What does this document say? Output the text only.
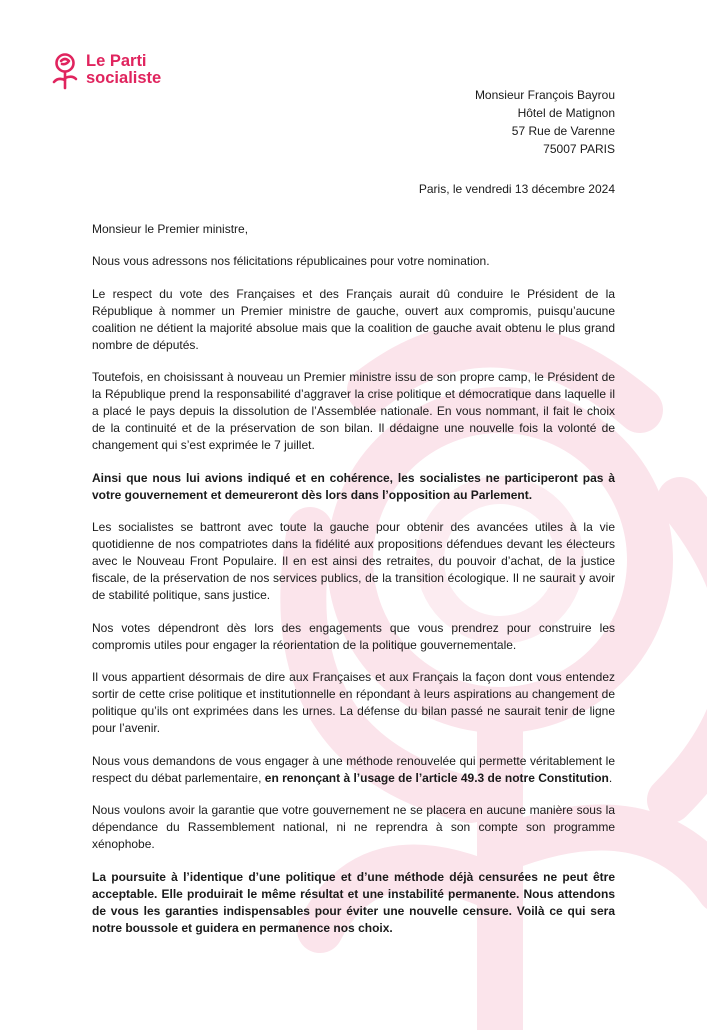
Le Parti
socialiste
Monsieur François Bayrou
Hôtel de Matignon
57 Rue de Varenne
75007 PARIS
Paris, le vendredi 13 décembre 2024

Monsieur le Premier ministre,

Nous vous adressons nos félicitations républicaines pour votre nomination.

Le respect du vote des Françaises et des Français aurait dû conduire le Président de la République à nommer un Premier ministre de gauche, ouvert aux compromis, puisqu’aucune coalition ne détient la majorité absolue mais que la coalition de gauche avait obtenu le plus grand nombre de députés.

Toutefois, en choisissant à nouveau un Premier ministre issu de son propre camp, le Président de la République prend la responsabilité d’aggraver la crise politique et démocratique dans laquelle il a placé le pays depuis la dissolution de l’Assemblée nationale. En vous nommant, il fait le choix de la continuité et de la préservation de son bilan. Il dédaigne une nouvelle fois la volonté de changement qui s’est exprimée le 7 juillet.

Ainsi que nous lui avions indiqué et en cohérence, les socialistes ne participeront pas à votre gouvernement et demeureront dès lors dans l’opposition au Parlement.

Les socialistes se battront avec toute la gauche pour obtenir des avancées utiles à la vie quotidienne de nos compatriotes dans la fidélité aux propositions défendues devant les électeurs avec le Nouveau Front Populaire. Il en est ainsi des retraites, du pouvoir d’achat, de la justice fiscale, de la préservation de nos services publics, de la transition écologique. Il ne saurait y avoir de stabilité politique, sans justice.

Nos votes dépendront dès lors des engagements que vous prendrez pour construire les compromis utiles pour engager la réorientation de la politique gouvernementale.

Il vous appartient désormais de dire aux Françaises et aux Français la façon dont vous entendez sortir de cette crise politique et institutionnelle en répondant à leurs aspirations au changement de politique qu’ils ont exprimées dans les urnes. La défense du bilan passé ne saurait tenir de ligne pour l’avenir.

Nous vous demandons de vous engager à une méthode renouvelée qui permette véritablement le respect du débat parlementaire, en renonçant à l’usage de l’article 49.3 de notre Constitution.

Nous voulons avoir la garantie que votre gouvernement ne se placera en aucune manière sous la dépendance du Rassemblement national, ni ne reprendra à son compte son programme xénophobe.

La poursuite à l’identique d’une politique et d’une méthode déjà censurées ne peut être acceptable. Elle produirait le même résultat et une instabilité permanente. Nous attendons de vous les garanties indispensables pour éviter une nouvelle censure. Voilà ce qui sera notre boussole et guidera en permanence nos choix.
